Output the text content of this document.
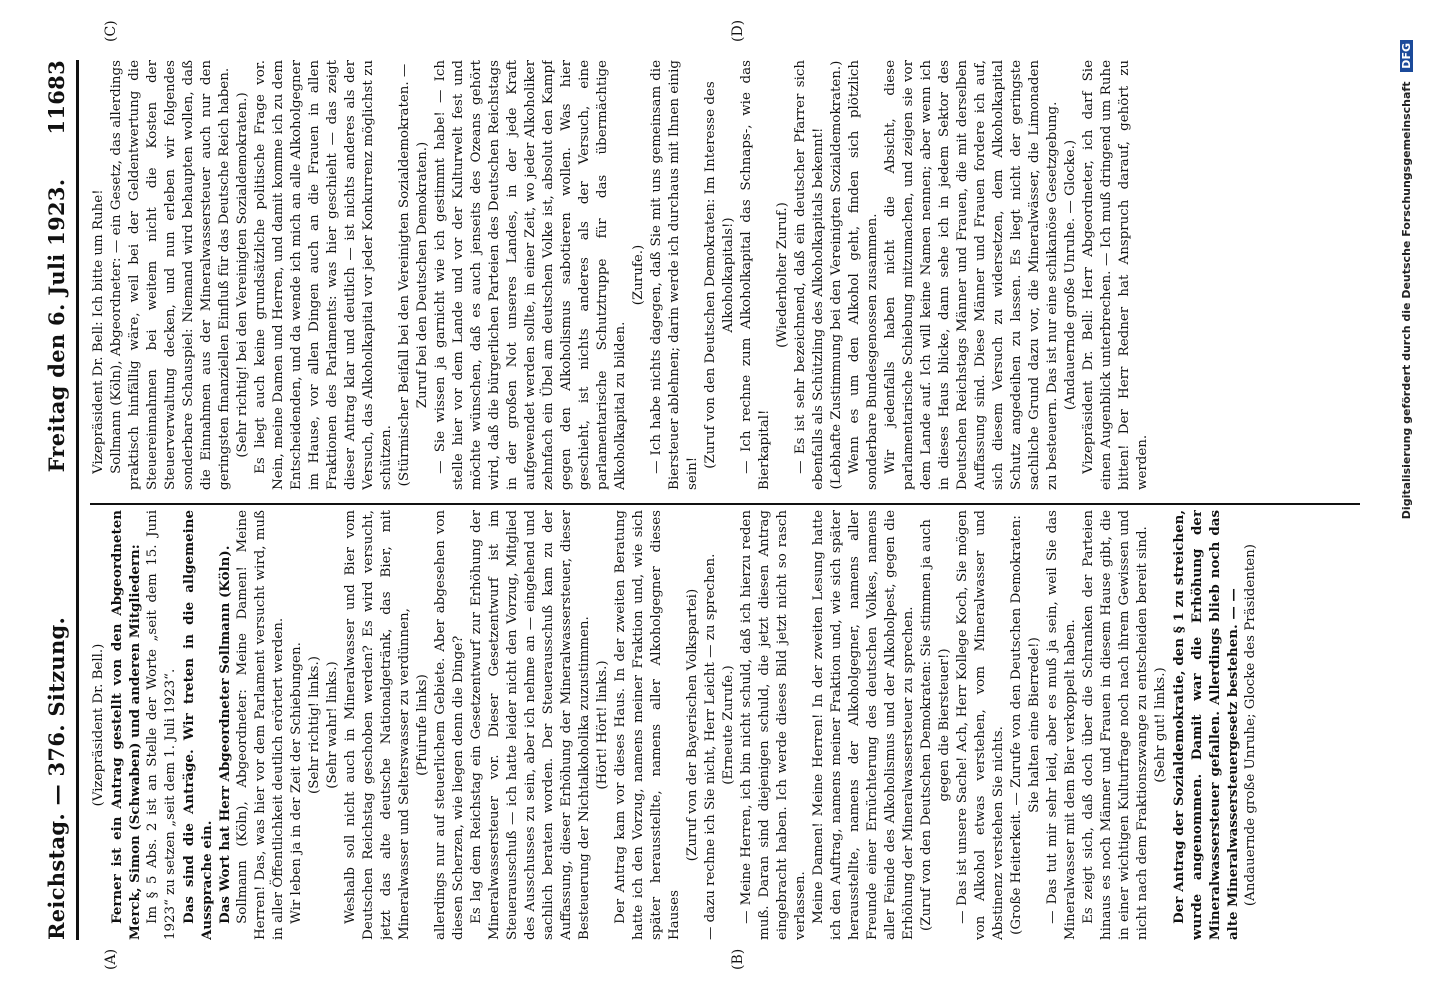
Reichstag. — 376. Sitzung.
Freitag den 6. Juli 1923.
11683
(A)	(B)
(C)	(D)

(Vizepräsident Dr. Bell.) Ferner ist ein Antrag gestellt von den Abgeordneten Merck, Simon (Schwaben) und anderen Mitgliedern: Im § 5 Abs. 2 ist an Stelle der Worte „seit dem 15. Juni 1923“ zu setzen „seit dem 1. Juli 1923“. Das sind die Anträge. Wir treten in die allgemeine Aussprache ein. Das Wort hat Herr Abgeordneter Sollmann (Köln). Sollmann (Köln), Abgeordneter: Meine Damen! Meine Herren! Das, was hier vor dem Parlament versucht wird, muß in aller Öffentlichkeit deutlich erörtert werden. Wir leben ja in der Zeit der Schiebungen. (Sehr richtig! links.) (Sehr wahr! links.) Weshalb soll nicht auch in Mineralwasser und Bier vom Deutschen Reichstag geschoben werden? Es wird versucht, jetzt das alte deutsche Nationalgetränk, das Bier, mit Mineralwasser und Selterswasser zu verdünnen, (Pfuirufe links) allerdings nur auf steuerlichem Gebiete. Aber abgesehen von diesen Scherzen, wie liegen denn die Dinge? Es lag dem Reichstag ein Gesetzentwurf zur Erhöhung der Mineralwassersteuer vor. Dieser Gesetzentwurf ist im Steuerausschuß — ich hatte leider nicht den Vorzug, Mitglied des Ausschusses zu sein, aber ich nehme an — eingehend und sachlich beraten worden. Der Steuerausschuß kam zu der Auffassung, dieser Erhöhung der Mineralwassersteuer, dieser Besteuerung der Nichtalkoholika zuzustimmen. (Hört! Hört! links.) Der Antrag kam vor dieses Haus. In der zweiten Beratung hatte ich den Vorzug, namens meiner Fraktion und, wie sich später herausstellte, namens aller Alkoholgegner dieses Hauses

(Zuruf von der Bayerischen Volkspartei) — dazu rechne ich Sie nicht, Herr Leicht — zu sprechen. (Erneute Zurufe.) — Meine Herren, ich bin nicht schuld, daß ich hierzu reden muß. Daran sind diejenigen schuld, die jetzt diesen Antrag eingebracht haben. Ich werde dieses Bild jetzt nicht so rasch verlassen. Meine Damen! Meine Herren! In der zweiten Lesung hatte ich den Auftrag, namens meiner Fraktion und, wie sich später herausstellte, namens der Alkoholgegner, namens aller Freunde einer Ernüchterung des deutschen Volkes, namens aller Feinde des Alkoholismus und der Alkoholpest, gegen die Erhöhung der Mineralwassersteuer zu sprechen. (Zuruf von den Deutschen Demokraten: Sie stimmen ja auch gegen die Biersteuer!) — Das ist unsere Sache! Ach, Herr Kollege Koch, Sie mögen von Alkohol etwas verstehen, vom Mineralwasser und Abstinenz verstehen Sie nichts. (Große Heiterkeit. — Zurufe von den Deutschen Demokraten: Sie halten eine Bierrede!) — Das tut mir sehr leid, aber es muß ja sein, weil Sie das Mineralwasser mit dem Bier verkoppelt haben. Es zeigt sich, daß doch über die Schranken der Parteien hinaus es noch Männer und Frauen in diesem Hause gibt, die in einer wichtigen Kulturfrage noch nach ihrem Gewissen und nicht nach dem Fraktionszwange zu entscheiden bereit sind. (Sehr gut! links.) Der Antrag der Sozialdemokratie, den § 1 zu streichen, wurde angenommen. Damit war die Erhöhung der Mineralwassersteuer gefallen. Allerdings blieb noch das alte Mineralwassersteuergesetz bestehen. — — (Andauernde große Unruhe; Glocke des Präsidenten)

Vizepräsident Dr. Bell: Ich bitte um Ruhe! Sollmann (Köln), Abgeordneter: — ein Gesetz, das allerdings praktisch hinfällig wäre, weil bei der Geldentwertung die Steuereinnahmen bei weitem nicht die Kosten der Steuerverwaltung decken, und nun erleben wir folgendes sonderbare Schauspiel: Niemand wird behaupten wollen, daß die Einnahmen aus der Mineralwassersteuer auch nur den geringsten finanziellen Einfluß für das Deutsche Reich haben. (Sehr richtig! bei den Vereinigten Sozialdemokraten.) Es liegt auch keine grundsätzliche politische Frage vor. Nein, meine Damen und Herren, und damit komme ich zu dem Entscheidenden, und da wende ich mich an alle Alkoholgegner im Hause, vor allen Dingen auch an die Frauen in allen Fraktionen des Parlaments: was hier geschieht — das zeigt dieser Antrag klar und deutlich — ist nichts anderes als der Versuch, das Alkoholkapital vor jeder Konkurrenz möglichst zu schützen. (Stürmischer Beifall bei den Vereinigten Sozialdemokraten. — Zuruf bei den Deutschen Demokraten.) — Sie wissen ja garnicht wie ich gestimmt habe! — Ich stelle hier vor dem Lande und vor der Kulturwelt fest und möchte wünschen, daß es auch jenseits des Ozeans gehört wird, daß die bürgerlichen Parteien des Deutschen Reichstags in der großen Not unseres Landes, in der jede Kraft aufgewendet werden sollte, in einer Zeit, wo jeder Alkoholiker zehnfach ein Übel am deutschen Volke ist, absolut den Kampf gegen den Alkoholismus sabotieren wollen. Was hier geschieht, ist nichts anderes als der Versuch, eine parlamentarische Schutztruppe für das übermächtige Alkoholkapital zu bilden.

(Zurufe.) — Ich habe nichts dagegen, daß Sie mit uns gemeinsam die Biersteuer ablehnen; darin werde ich durchaus mit Ihnen einig sein!

(Zuruf von den Deutschen Demokraten: Im Interesse des Alkoholkapitals!) — Ich rechne zum Alkoholkapital das Schnaps-, wie das Bierkapital!

(Wiederholter Zuruf.) — Es ist sehr bezeichnend, daß ein deutscher Pfarrer sich ebenfalls als Schützling des Alkoholkapitals bekennt! (Lebhafte Zustimmung bei den Vereinigten Sozialdemokraten.) Wenn es um den Alkohol geht, finden sich plötzlich sonderbare Bundesgenossen zusammen. Wir jedenfalls haben nicht die Absicht, diese parlamentarische Schiebung mitzumachen, und zeigen sie vor dem Lande auf. Ich will keine Namen nennen; aber wenn ich in dieses Haus blicke, dann sehe ich in jedem Sektor des Deutschen Reichstags Männer und Frauen, die mit derselben Auffassung sind. Diese Männer und Frauen fordere ich auf, sich diesem Versuch zu widersetzen, dem Alkoholkapital Schutz angedeihen zu lassen. Es liegt nicht der geringste sachliche Grund dazu vor, die Mineralwässer, die Limonaden zu besteuern. Das ist nur eine schikanöse Gesetzgebung. (Andauernde große Unruhe. — Glocke.) Vizepräsident Dr. Bell: Herr Abgeordneter, ich darf Sie einen Augenblick unterbrechen. — Ich muß dringend um Ruhe bitten! Der Herr Redner hat Anspruch darauf, gehört zu werden.	Digitalisierung gefördert durch die Deutsche Forschungsgemeinschaft DFG
